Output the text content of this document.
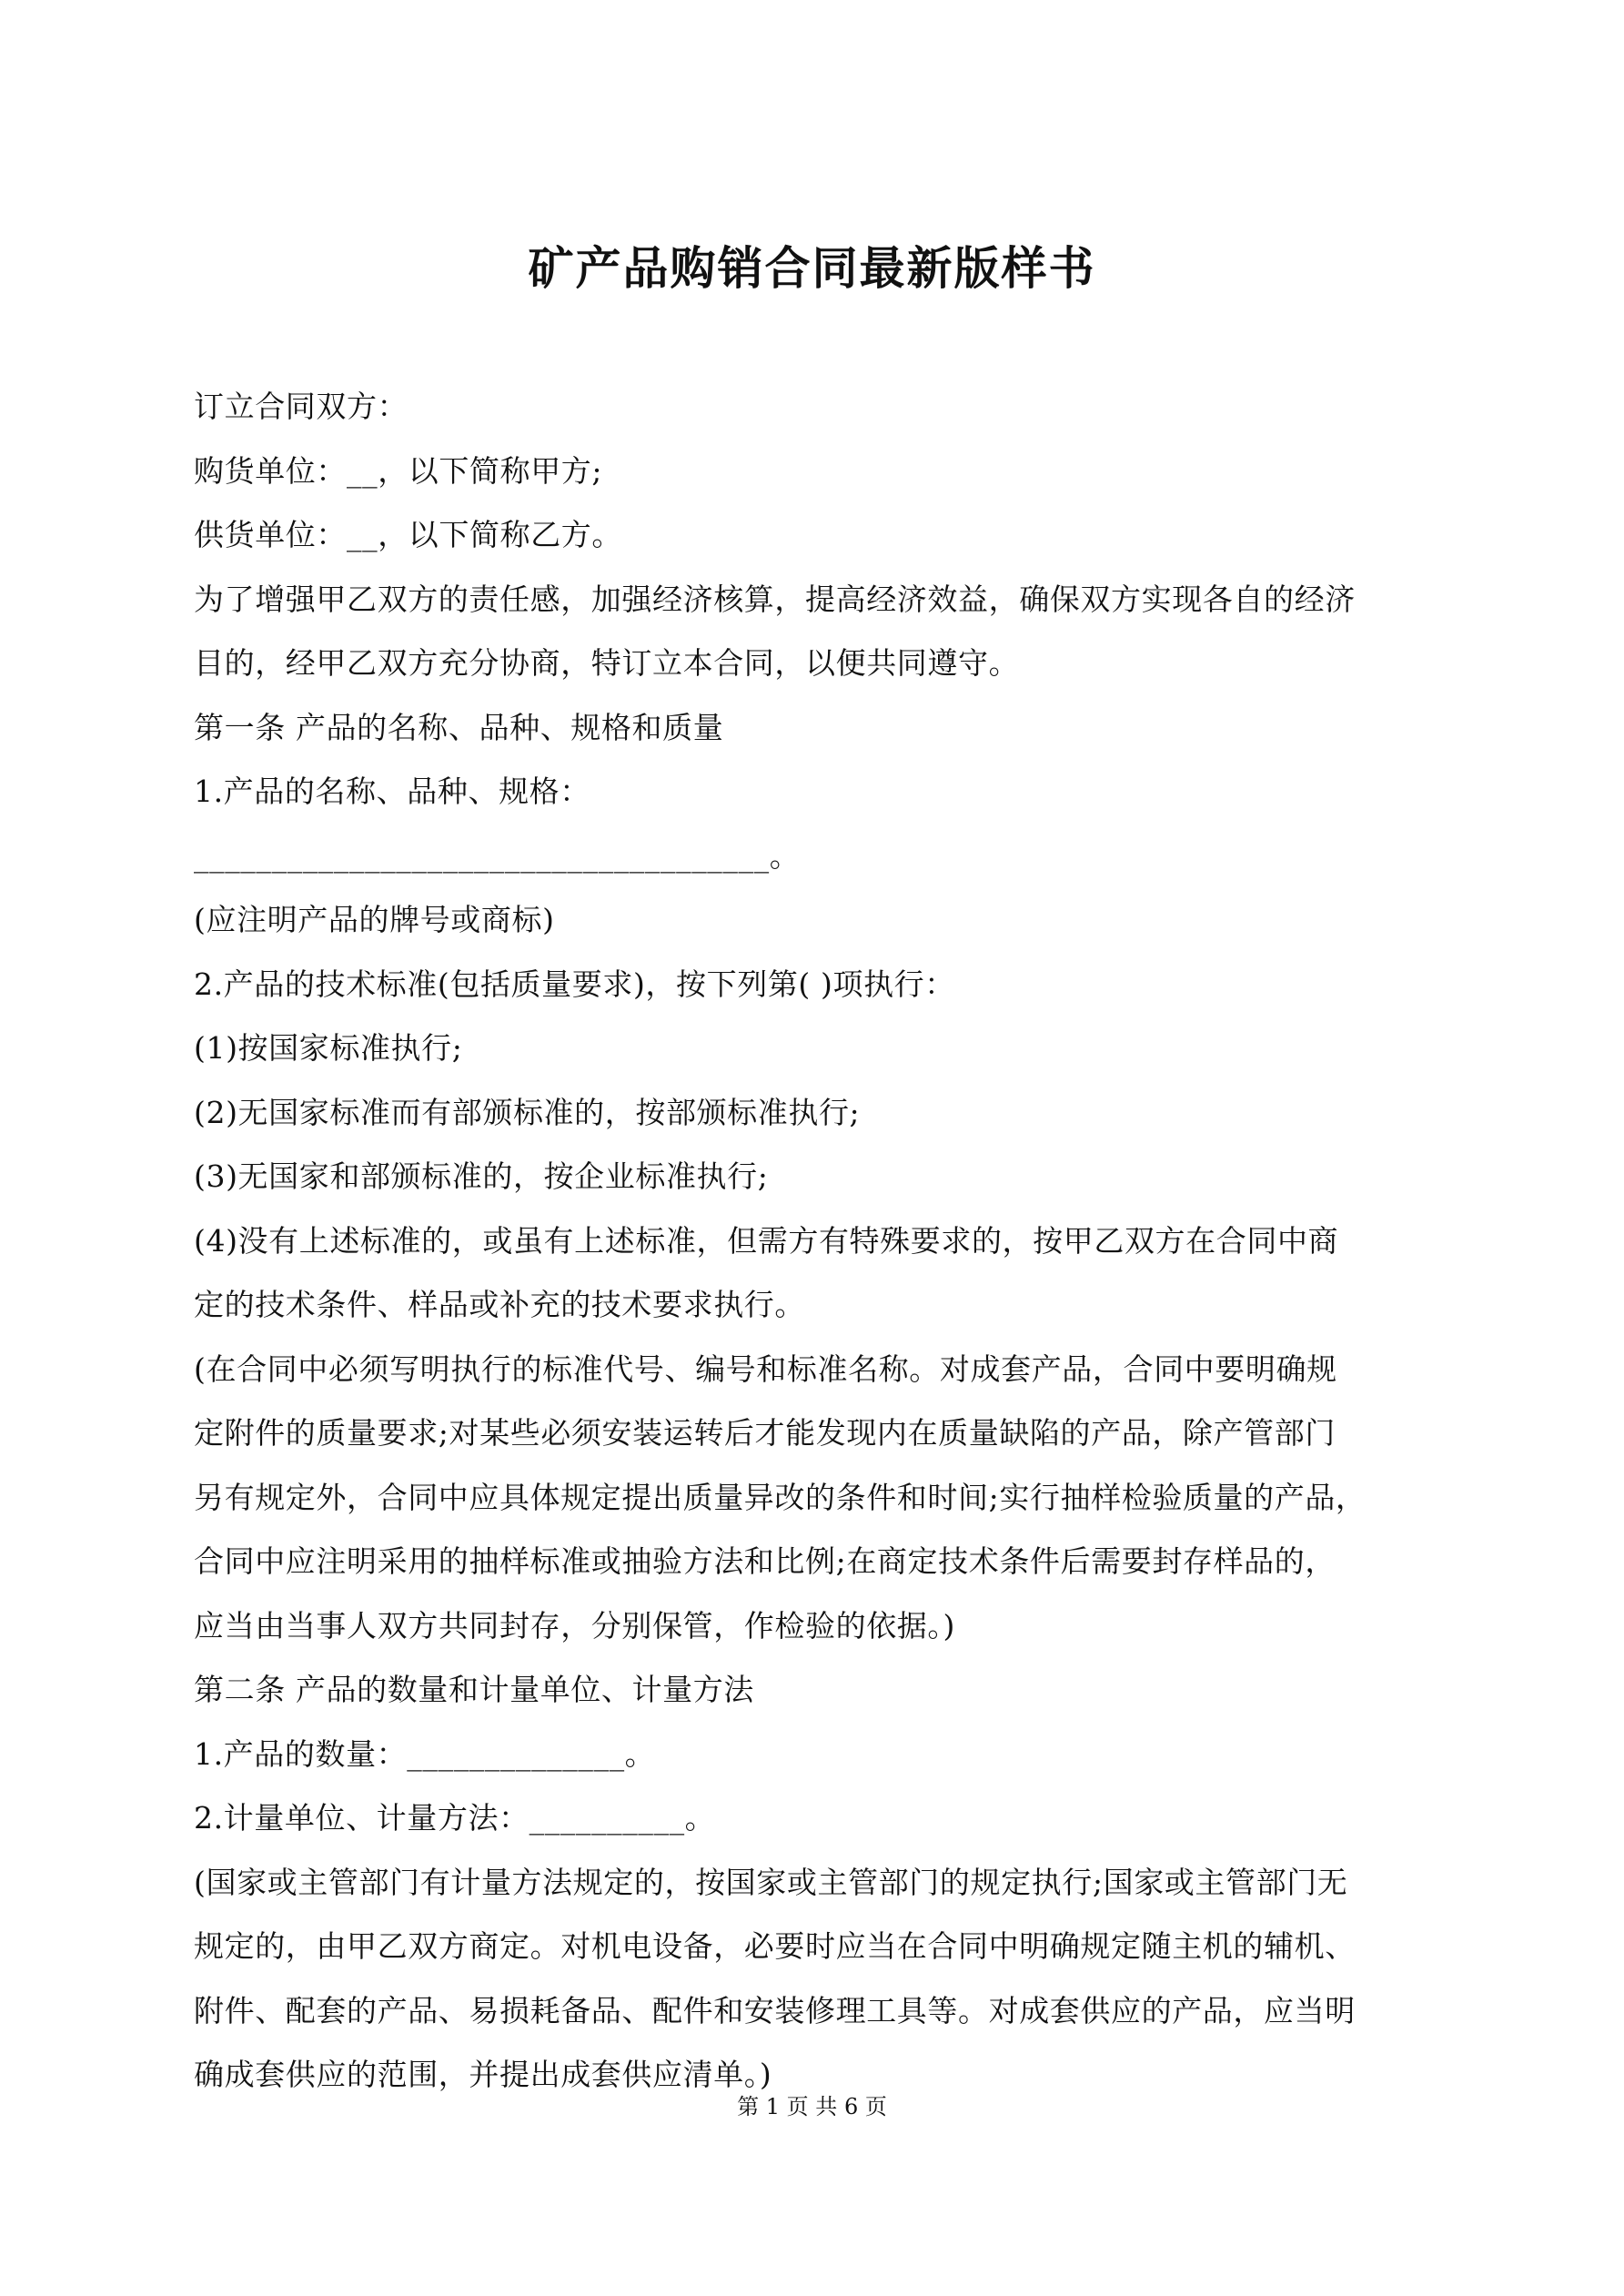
矿产品购销合同最新版样书
订立合同双方：
购货单位：__，以下简称甲方;
供货单位：__，以下简称乙方。
为了增强甲乙双方的责任感，加强经济核算，提高经济效益，确保双方实现各自的经济
目的，经甲乙双方充分协商，特订立本合同，以便共同遵守。
第一条 产品的名称、品种、规格和质量
1.产品的名称、品种、规格：
_____________________________________。
(应注明产品的牌号或商标)
2.产品的技术标准(包括质量要求)，按下列第( )项执行：
(1)按国家标准执行;
(2)无国家标准而有部颁标准的，按部颁标准执行;
(3)无国家和部颁标准的，按企业标准执行;
(4)没有上述标准的，或虽有上述标准，但需方有特殊要求的，按甲乙双方在合同中商
定的技术条件、样品或补充的技术要求执行。
(在合同中必须写明执行的标准代号、编号和标准名称。对成套产品，合同中要明确规
定附件的质量要求;对某些必须安装运转后才能发现内在质量缺陷的产品，除产管部门
另有规定外，合同中应具体规定提出质量异改的条件和时间;实行抽样检验质量的产品，
合同中应注明采用的抽样标准或抽验方法和比例;在商定技术条件后需要封存样品的，
应当由当事人双方共同封存，分别保管，作检验的依据。)
第二条 产品的数量和计量单位、计量方法
1.产品的数量：______________。
2.计量单位、计量方法：__________。
(国家或主管部门有计量方法规定的，按国家或主管部门的规定执行;国家或主管部门无
规定的，由甲乙双方商定。对机电设备，必要时应当在合同中明确规定随主机的辅机、
附件、配套的产品、易损耗备品、配件和安装修理工具等。对成套供应的产品，应当明
确成套供应的范围，并提出成套供应清单。)
第 1 页 共 6 页
